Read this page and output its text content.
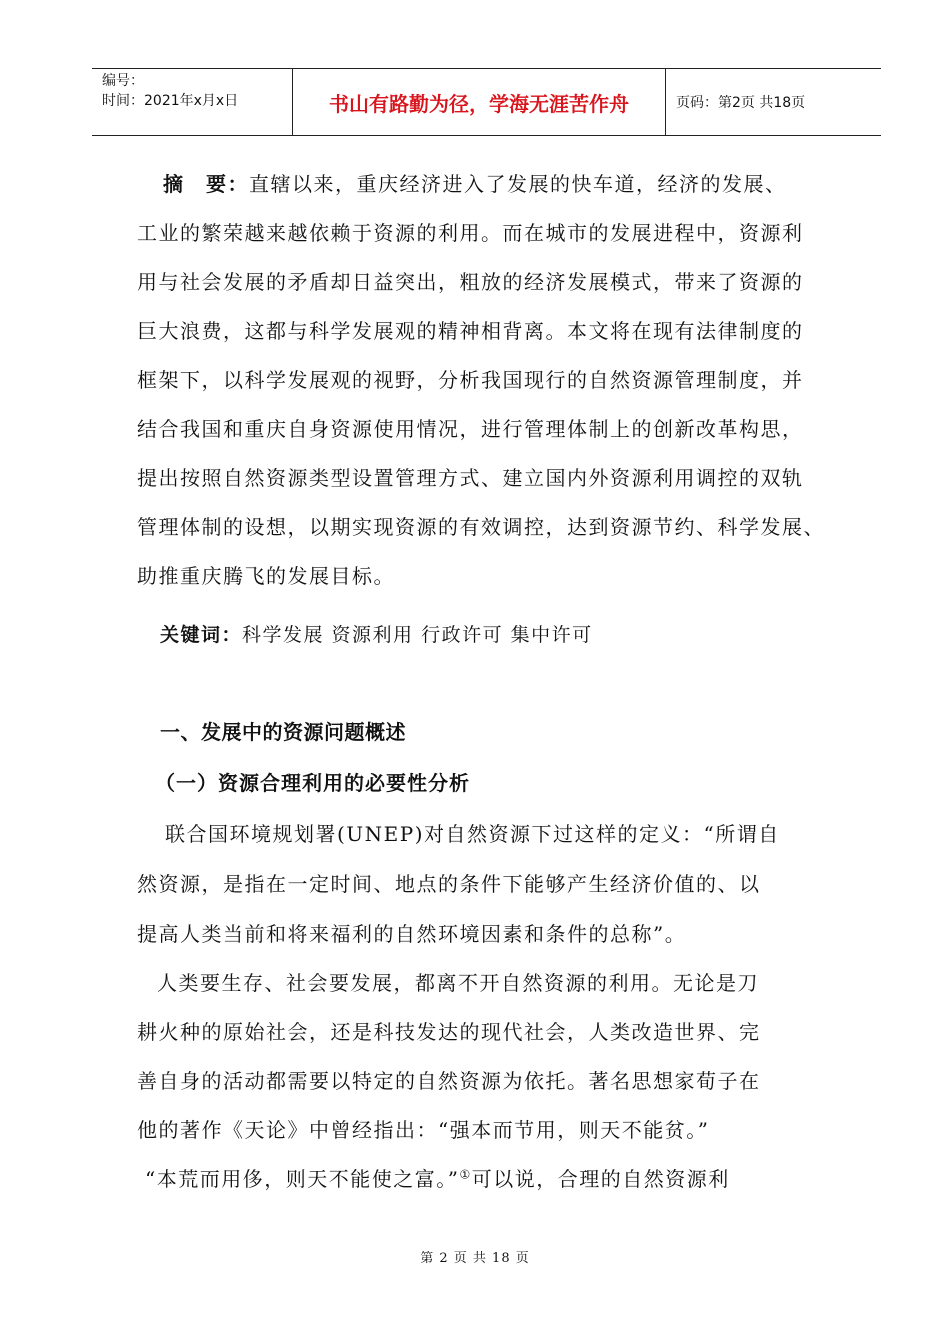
编号：
时间：2021年x月x日	书山有路勤为径，学海无涯苦作舟	页码：第2页 共18页
摘　要：直辖以来，重庆经济进入了发展的快车道，经济的发展、
工业的繁荣越来越依赖于资源的利用。而在城市的发展进程中，资源利
用与社会发展的矛盾却日益突出，粗放的经济发展模式，带来了资源的
巨大浪费，这都与科学发展观的精神相背离。本文将在现有法律制度的
框架下，以科学发展观的视野，分析我国现行的自然资源管理制度，并
结合我国和重庆自身资源使用情况，进行管理体制上的创新改革构思，
提出按照自然资源类型设置管理方式、建立国内外资源利用调控的双轨
管理体制的设想，以期实现资源的有效调控，达到资源节约、科学发展、
助推重庆腾飞的发展目标。
关键词：科学发展 资源利用 行政许可 集中许可
一、发展中的资源问题概述
（一）资源合理利用的必要性分析
联合国环境规划署(UNEP)对自然资源下过这样的定义：“所谓自
然资源，是指在一定时间、地点的条件下能够产生经济价值的、以
提高人类当前和将来福利的自然环境因素和条件的总称”。
人类要生存、社会要发展，都离不开自然资源的利用。无论是刀
耕火种的原始社会，还是科技发达的现代社会，人类改造世界、完
善自身的活动都需要以特定的自然资源为依托。著名思想家荀子在
他的著作《天论》中曾经指出：“强本而节用，则天不能贫。”
“本荒而用侈，则天不能使之富。”①可以说，合理的自然资源利
第 2 页 共 18 页
